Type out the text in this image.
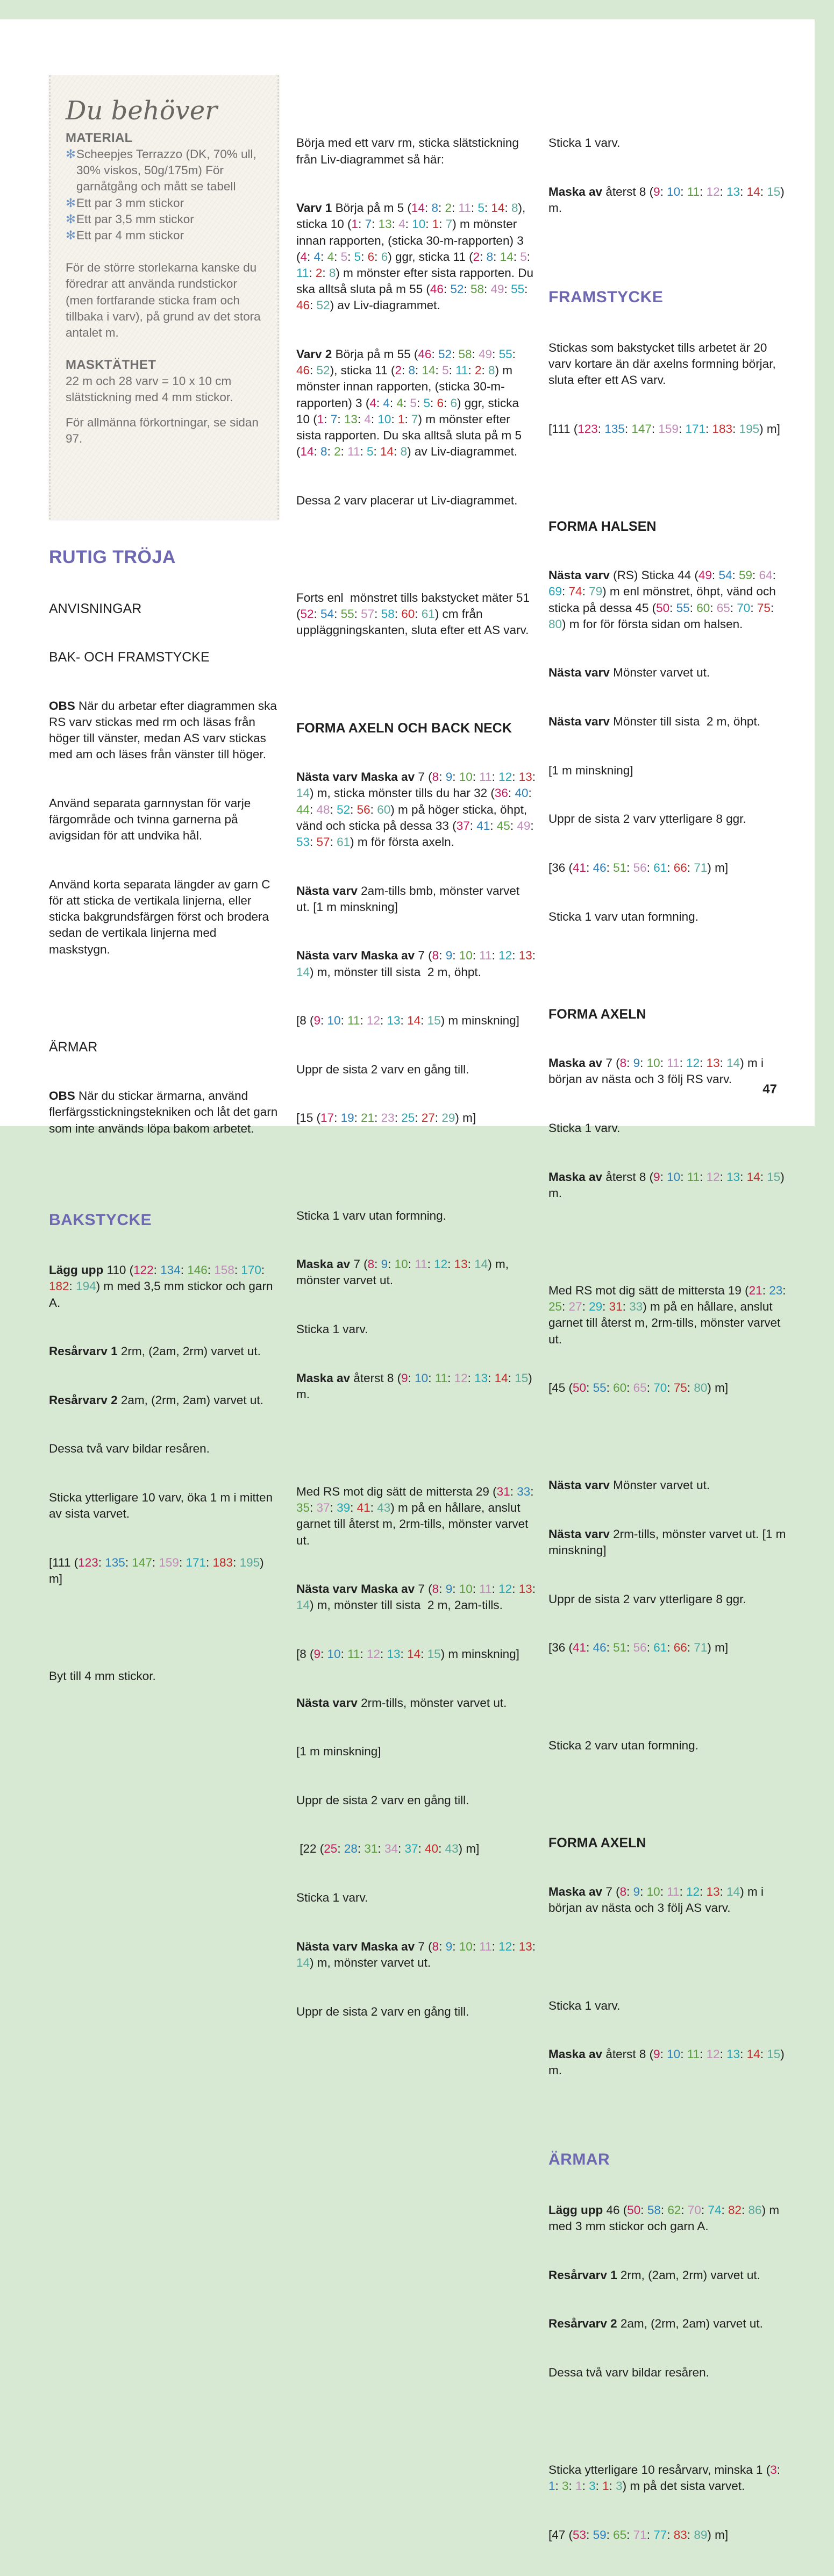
Du behöver
MATERIAL
✻ Scheepjes Terrazzo (DK, 70% ull, 30% viskos, 50g/175m) För garnåtgång och mått se tabell
✻ Ett par 3 mm stickor
✻ Ett par 3,5 mm stickor
✻ Ett par 4 mm stickor
För de större storlekarna kanske du föredrar att använda rundstickor (men fortfarande sticka fram och tillbaka i varv), på grund av det stora antalet m.
MASKTÄTHET
22 m och 28 varv = 10 x 10 cm slätstickning med 4 mm stickor.
För allmänna förkortningar, se sidan 97.

RUTIG TRÖJA

ANVISNINGAR

BAK- OCH FRAMSTYCKE

OBS När du arbetar efter diagrammen ska RS varv stickas med rm och läsas från höger till vänster, medan AS varv stickas med am och läses från vänster till höger.

Använd separata garnnystan för varje färgområde och tvinna garnerna på avigsidan för att undvika hål.

Använd korta separata längder av garn C för att sticka de vertikala linjerna, eller sticka bakgrundsfärgen först och brodera sedan de vertikala linjerna med maskstygn.

ÄRMAR

OBS När du stickar ärmarna, använd flerfärgsstickningstekniken och låt det garn som inte används löpa bakom arbetet.

BAKSTYCKE

Lägg upp 110 (122: 134: 146: 158: 170: 182: 194) m med 3,5 mm stickor och garn A.

Resårvarv 1 2rm, (2am, 2rm) varvet ut.

Resårvarv 2 2am, (2rm, 2am) varvet ut.

Dessa två varv bildar resåren.

Sticka ytterligare 10 varv, öka 1 m i mitten av sista varvet.

[111 (123: 135: 147: 159: 171: 183: 195) m]

Byt till 4 mm stickor.

Börja med ett varv rm, sticka slätstickning från Liv-diagrammet så här:

Varv 1 Börja på m 5 (14: 8: 2: 11: 5: 14: 8), sticka 10 (1: 7: 13: 4: 10: 1: 7) m mönster innan rapporten, (sticka 30-m-rapporten) 3 (4: 4: 4: 5: 5: 6: 6) ggr, sticka 11 (2: 8: 14: 5: 11: 2: 8) m mönster efter sista rapporten. Du ska alltså sluta på m 55 (46: 52: 58: 49: 55: 46: 52) av Liv-diagrammet.

Varv 2 Börja på m 55 (46: 52: 58: 49: 55: 46: 52), sticka 11 (2: 8: 14: 5: 11: 2: 8) m mönster innan rapporten, (sticka 30-m-rapporten) 3 (4: 4: 4: 5: 5: 6: 6) ggr, sticka 10 (1: 7: 13: 4: 10: 1: 7) m mönster efter sista rapporten. Du ska alltså sluta på m 5 (14: 8: 2: 11: 5: 14: 8) av Liv-diagrammet.

Dessa 2 varv placerar ut Liv-diagrammet.

Forts enl  mönstret tills bakstycket mäter 51 (52: 54: 55: 57: 58: 60: 61) cm från uppläggningskanten, sluta efter ett AS varv.

FORMA AXELN OCH BACK NECK

Nästa varv Maska av 7 (8: 9: 10: 11: 12: 13: 14) m, sticka mönster tills du har 32 (36: 40: 44: 48: 52: 56: 60) m på höger sticka, öhpt, vänd och sticka på dessa 33 (37: 41: 45: 49: 53: 57: 61) m för första axeln.

Nästa varv 2am-tills bmb, mönster varvet ut. [1 m minskning]

Nästa varv Maska av 7 (8: 9: 10: 11: 12: 13: 14) m, mönster till sista  2 m, öhpt.

[8 (9: 10: 11: 12: 13: 14: 15) m minskning]

Uppr de sista 2 varv en gång till.

[15 (17: 19: 21: 23: 25: 27: 29) m]

Sticka 1 varv utan formning.

Maska av 7 (8: 9: 10: 11: 12: 13: 14) m, mönster varvet ut.

Sticka 1 varv.

Maska av återst 8 (9: 10: 11: 12: 13: 14: 15) m.

Med RS mot dig sätt de mittersta 29 (31: 33: 35: 37: 39: 41: 43) m på en hållare, anslut garnet till återst m, 2rm-tills, mönster varvet ut.

Nästa varv Maska av 7 (8: 9: 10: 11: 12: 13: 14) m, mönster till sista  2 m, 2am-tills.

[8 (9: 10: 11: 12: 13: 14: 15) m minskning]

Nästa varv 2rm-tills, mönster varvet ut.

[1 m minskning]

Uppr de sista 2 varv en gång till.

[22 (25: 28: 31: 34: 37: 40: 43) m]

Sticka 1 varv.

Nästa varv Maska av 7 (8: 9: 10: 11: 12: 13: 14) m, mönster varvet ut.

Uppr de sista 2 varv en gång till.

Sticka 1 varv.

Maska av återst 8 (9: 10: 11: 12: 13: 14: 15) m.

FRAMSTYCKE

Stickas som bakstycket tills arbetet är 20 varv kortare än där axelns formning börjar, sluta efter ett AS varv.

[111 (123: 135: 147: 159: 171: 183: 195) m]

FORMA HALSEN

Nästa varv (RS) Sticka 44 (49: 54: 59: 64: 69: 74: 79) m enl mönstret, öhpt, vänd och sticka på dessa 45 (50: 55: 60: 65: 70: 75: 80) m for för första sidan om halsen.

Nästa varv Mönster varvet ut.

Nästa varv Mönster till sista  2 m, öhpt.

[1 m minskning]

Uppr de sista 2 varv ytterligare 8 ggr.

[36 (41: 46: 51: 56: 61: 66: 71) m]

Sticka 1 varv utan formning.

FORMA AXELN

Maska av 7 (8: 9: 10: 11: 12: 13: 14) m i början av nästa och 3 följ RS varv.

Sticka 1 varv.

Maska av återst 8 (9: 10: 11: 12: 13: 14: 15) m.

Med RS mot dig sätt de mittersta 19 (21: 23: 25: 27: 29: 31: 33) m på en hållare, anslut garnet till återst m, 2rm-tills, mönster varvet ut.

[45 (50: 55: 60: 65: 70: 75: 80) m]

Nästa varv Mönster varvet ut.

Nästa varv 2rm-tills, mönster varvet ut. [1 m minskning]

Uppr de sista 2 varv ytterligare 8 ggr.

[36 (41: 46: 51: 56: 61: 66: 71) m]

Sticka 2 varv utan formning.

FORMA AXELN

Maska av 7 (8: 9: 10: 11: 12: 13: 14) m i början av nästa och 3 följ AS varv.

Sticka 1 varv.

Maska av återst 8 (9: 10: 11: 12: 13: 14: 15) m.

ÄRMAR

Lägg upp 46 (50: 58: 62: 70: 74: 82: 86) m med 3 mm stickor och garn A.

Resårvarv 1 2rm, (2am, 2rm) varvet ut.

Resårvarv 2 2am, (2rm, 2am) varvet ut.

Dessa två varv bildar resåren.

Sticka ytterligare 10 resårvarv, minska 1 (3: 1: 3: 1: 3: 1: 3) m på det sista varvet.

[47 (53: 59: 65: 71: 77: 83: 89) m]

47
